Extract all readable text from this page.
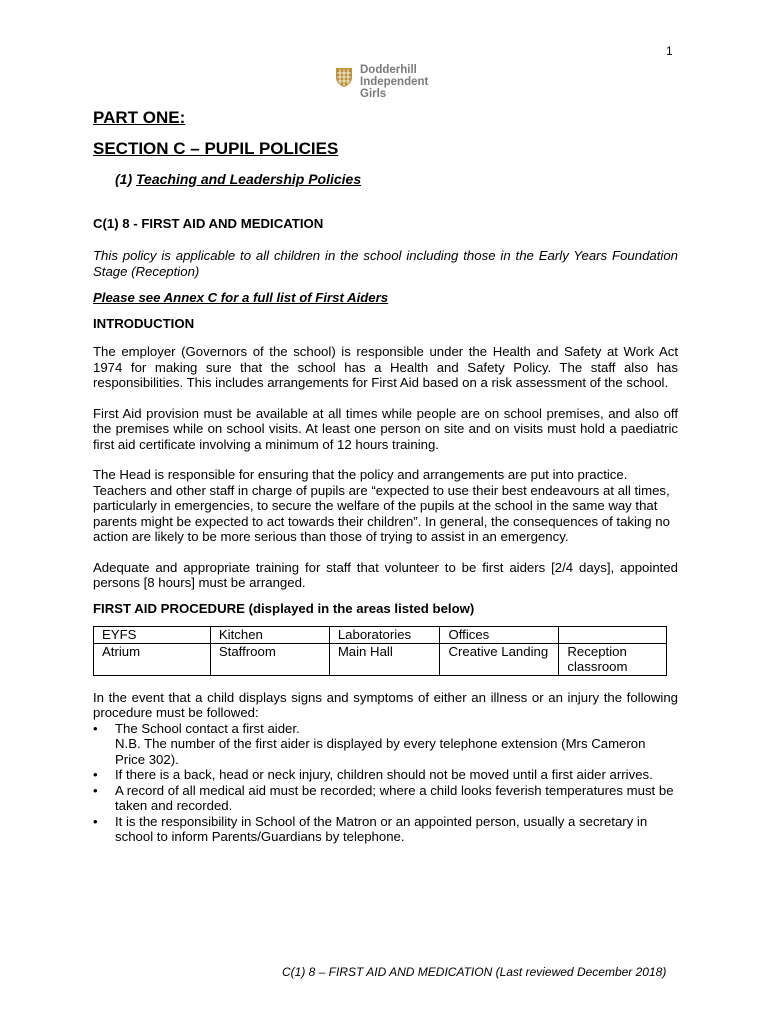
1
Dodderhill
Independent
Girls
PART ONE:
SECTION C – PUPIL POLICIES
(1) Teaching and Leadership Policies
C(1) 8 - FIRST AID AND MEDICATION

This policy is applicable to all children in the school including those in the Early Years Foundation Stage (Reception)

Please see Annex C for a full list of First Aiders

INTRODUCTION

The employer (Governors of the school) is responsible under the Health and Safety at Work Act 1974 for making sure that the school has a Health and Safety Policy. The staff also has responsibilities. This includes arrangements for First Aid based on a risk assessment of the school.

First Aid provision must be available at all times while people are on school premises, and also off the premises while on school visits. At least one person on site and on visits must hold a paediatric first aid certificate involving a minimum of 12 hours training.

The Head is responsible for ensuring that the policy and arrangements are put into practice. Teachers and other staff in charge of pupils are “expected to use their best endeavours at all times, particularly in emergencies, to secure the welfare of the pupils at the school in the same way that parents might be expected to act towards their children”. In general, the consequences of taking no action are likely to be more serious than those of trying to assist in an emergency.

Adequate and appropriate training for staff that volunteer to be first aiders [2/4 days], appointed persons [8 hours] must be arranged.

FIRST AID PROCEDURE (displayed in the areas listed below)
EYFS	Kitchen	Laboratories	Offices	
Atrium	Staffroom	Main Hall	Creative Landing	Reception classroom

In the event that a child displays signs and symptoms of either an illness or an injury the following procedure must be followed:

• The School contact a first aider.
N.B. The number of the first aider is displayed by every telephone extension (Mrs Cameron Price 302).
• If there is a back, head or neck injury, children should not be moved until a first aider arrives.
• A record of all medical aid must be recorded; where a child looks feverish temperatures must be taken and recorded.
• It is the responsibility in School of the Matron or an appointed person, usually a secretary in school to inform Parents/Guardians by telephone.
C(1) 8 – FIRST AID AND MEDICATION (Last reviewed December 2018)
